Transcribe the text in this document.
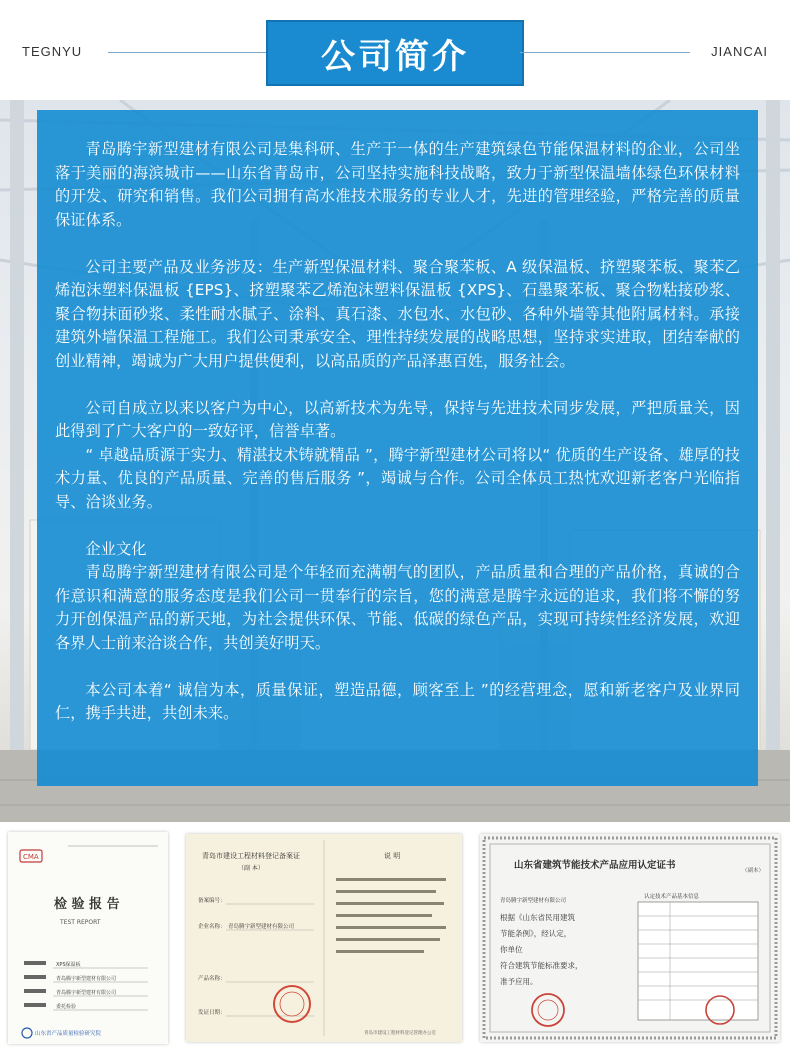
TEGNYU	公司简介	JIANCAI

青岛腾宇新型建材有限公司是集科研、生产于一体的生产建筑绿色节能保温材料的企业，公司坐落于美丽的海滨城市——山东省青岛市，公司坚持实施科技战略，致力于新型保温墙体绿色环保材料的开发、研究和销售。我们公司拥有高水准技术服务的专业人才，先进的管理经验，严格完善的质量保证体系。

公司主要产品及业务涉及：生产新型保温材料、聚合聚苯板、A 级保温板、挤塑聚苯板、聚苯乙烯泡沫塑料保温板 {EPS}、挤塑聚苯乙烯泡沫塑料保温板 {XPS}、石墨聚苯板、聚合物粘接砂浆、聚合物抹面砂浆、柔性耐水腻子、涂料、真石漆、水包水、水包砂、各种外墙等其他附属材料。承接建筑外墙保温工程施工。我们公司秉承安全、理性持续发展的战略思想，坚持求实进取，团结奉献的创业精神，竭诚为广大用户提供便利，以高品质的产品泽惠百姓，服务社会。

公司自成立以来以客户为中心，以高新技术为先导，保持与先进技术同步发展，严把质量关，因此得到了广大客户的一致好评，信誉卓著。

“ 卓越品质源于实力、精湛技术铸就精品 ”，腾宇新型建材公司将以“ 优质的生产设备、雄厚的技术力量、优良的产品质量、完善的售后服务 ”，竭诚与合作。公司全体员工热忱欢迎新老客户光临指导、洽谈业务。

企业文化

青岛腾宇新型建材有限公司是个年轻而充满朝气的团队，产品质量和合理的产品价格，真诚的合作意识和满意的服务态度是我们公司一贯奉行的宗旨，您的满意是腾宇永远的追求，我们将不懈的努力开创保温产品的新天地，为社会提供环保、节能、低碳的绿色产品，实现可持续性经济发展，欢迎各界人士前来洽谈合作，共创美好明天。

本公司本着“ 诚信为本，质量保证，塑造品德，顾客至上 ”的经营理念，愿和新老客户及业界同仁，携手共进，共创未来。

CMA
检 验 报 告
TEST REPORT
XPS保温板
青岛腾宇新型建材有限公司
青岛腾宇新型建材有限公司
委托检验
山东省产品质量检验研究院
青岛市建设工程材料登记备案证
（副 本）
备案编号：
企业名称： 青岛腾宇新型建材有限公司
产品名称：
发证日期：
说 明
青岛市建设工程材料登记管理办公室
山东省建筑节能技术产品应用认定证书	（副本）
青岛腾宇新型建材有限公司
根据《山东省民用建筑
节能条例》，经认定，
你单位
符合建筑节能标准要求，
准予应用。
认定技术产品基本信息
